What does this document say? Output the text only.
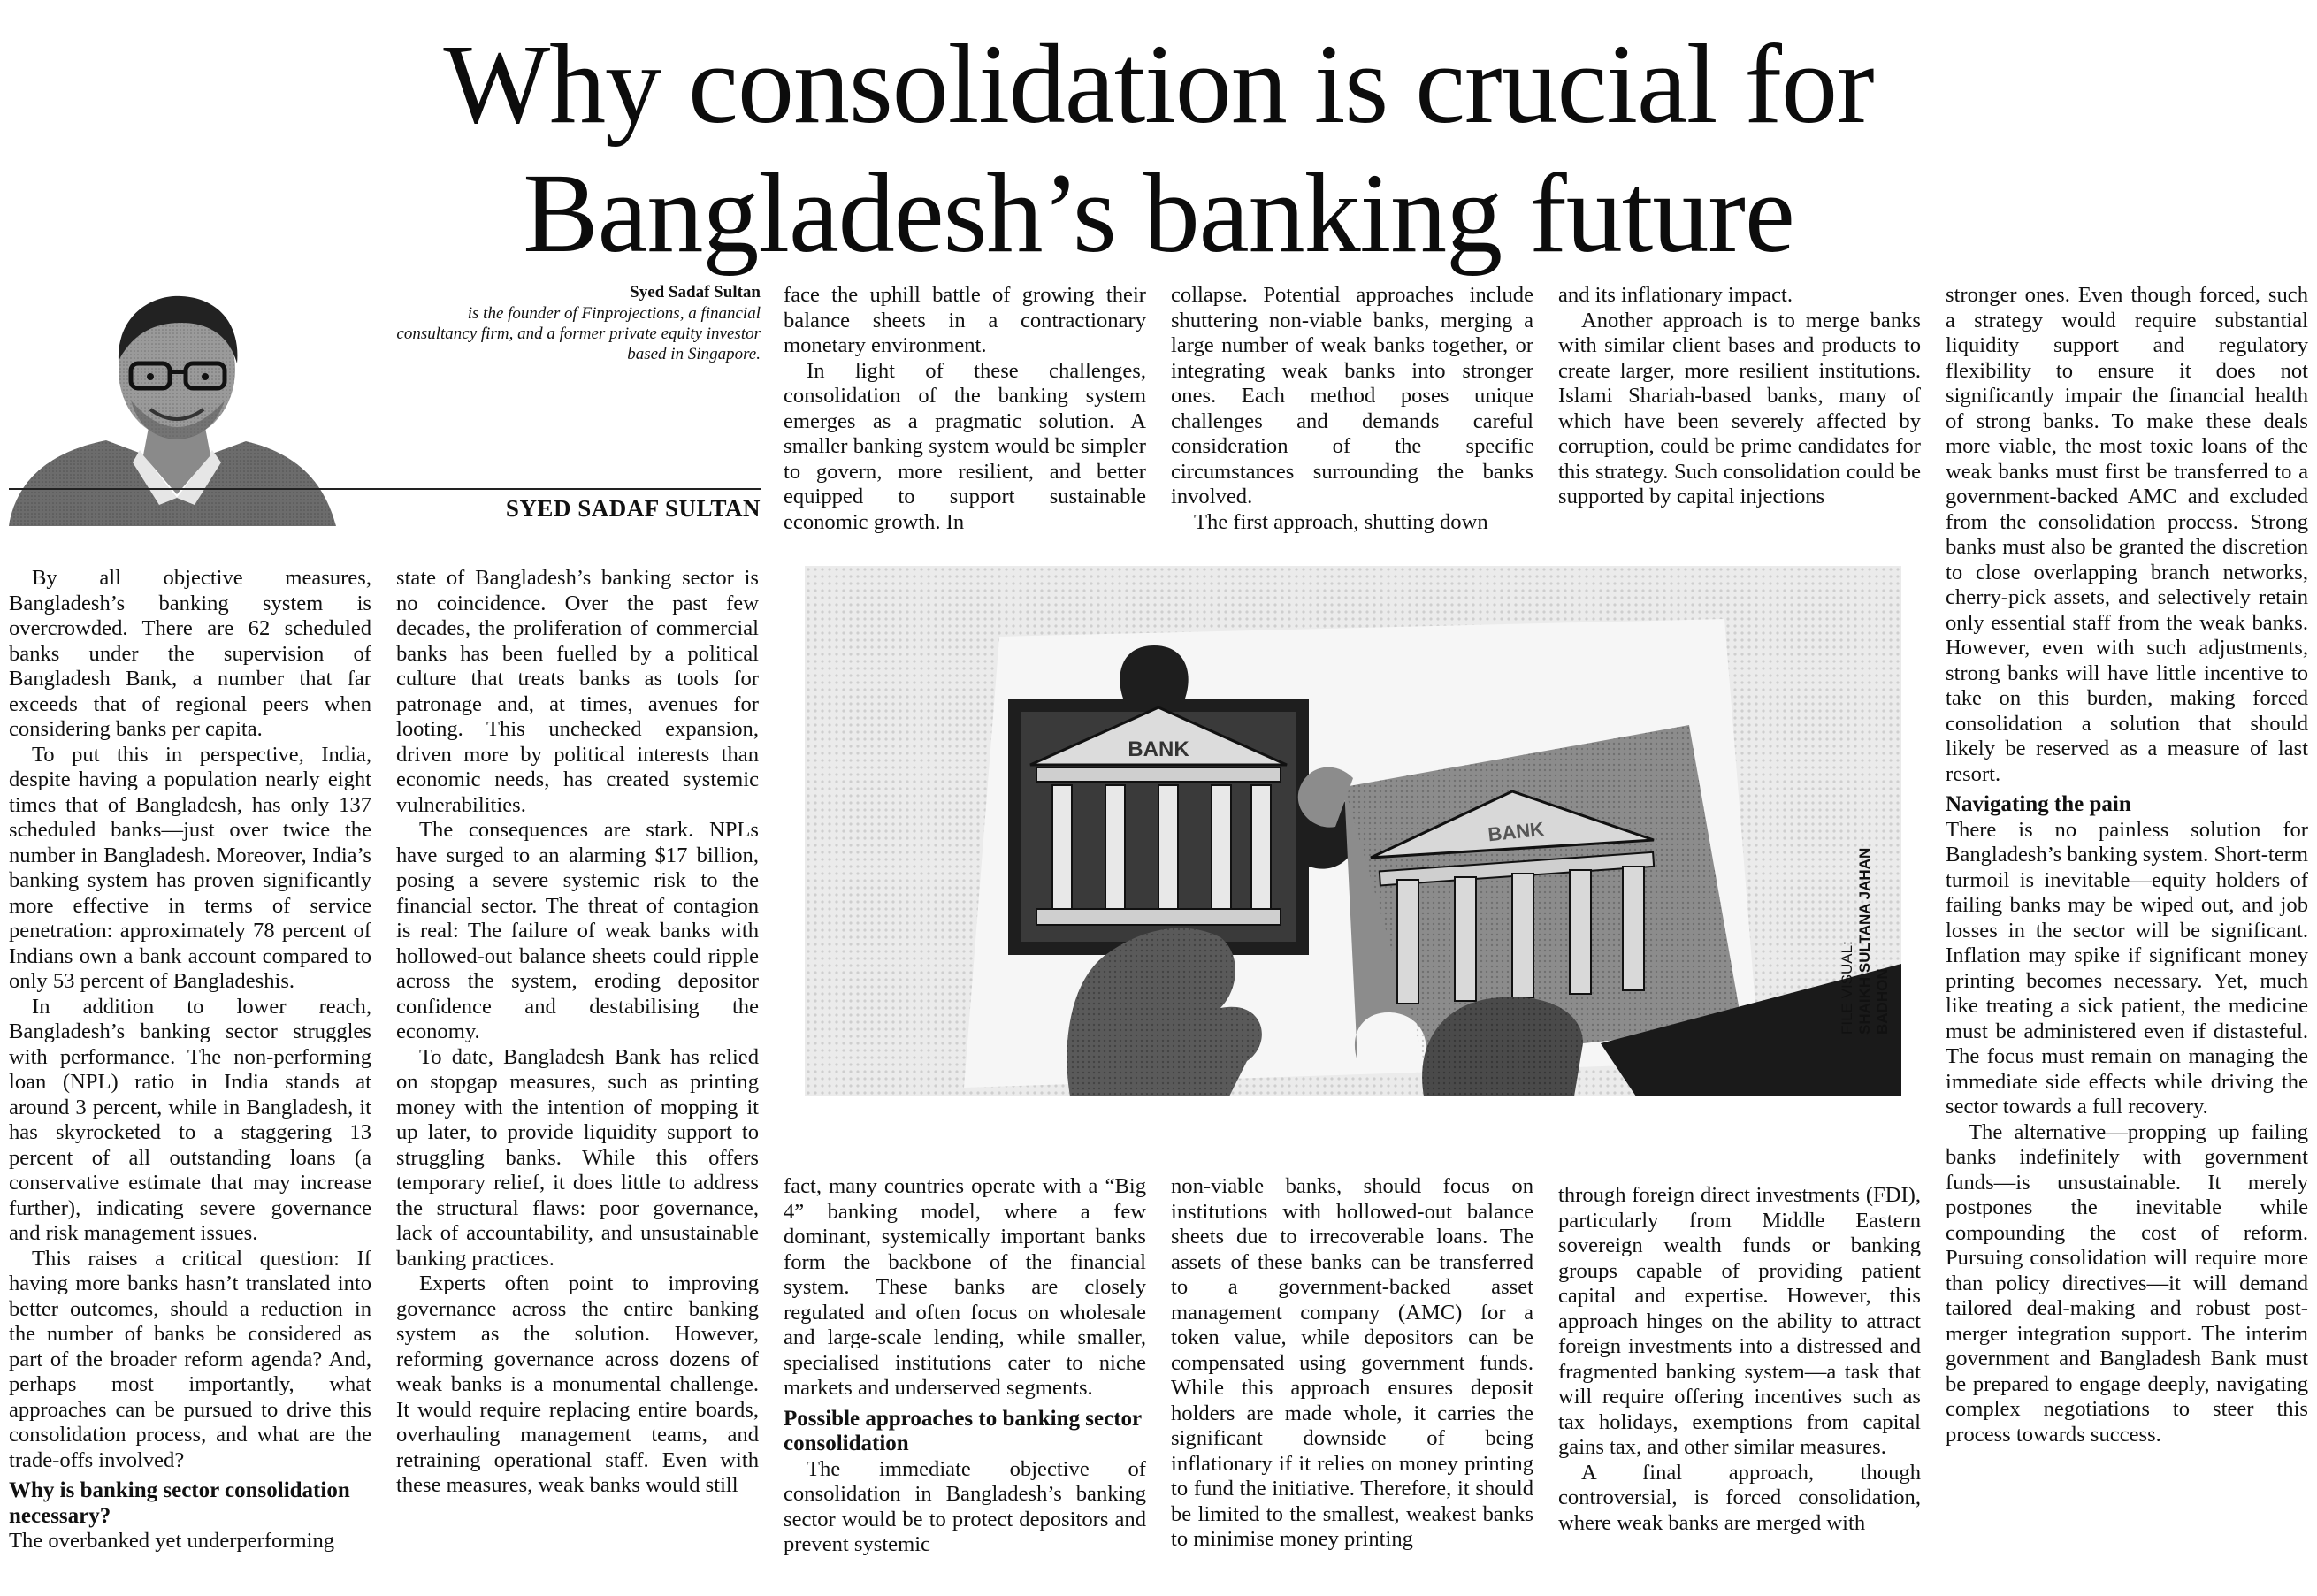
Why consolidation is crucial for
Bangladesh’s banking future
Syed Sadaf Sultan
is the founder of Finprojections, a financial consultancy firm, and a former private equity investor based in Singapore.
SYED SADAF SULTAN

By all objective measures, Bangladesh’s banking system is overcrowded. There are 62 scheduled banks under the supervision of Bangladesh Bank, a number that far exceeds that of regional peers when considering banks per capita.

To put this in perspective, India, despite having a population nearly eight times that of Bangladesh, has only 137 scheduled banks—just over twice the number in Bangladesh. Moreover, India’s banking system has proven significantly more effective in terms of service penetration: approximately 78 percent of Indians own a bank account compared to only 53 percent of Bangladeshis.

In addition to lower reach, Bangladesh’s banking sector struggles with performance. The non-performing loan (NPL) ratio in India stands at around 3 percent, while in Bangladesh, it has skyrocketed to a staggering 13 percent of all outstanding loans (a conservative estimate that may increase further), indicating severe governance and risk management issues.

This raises a critical question: If having more banks hasn’t translated into better outcomes, should a reduction in the number of banks be considered as part of the broader reform agenda? And, perhaps most importantly, what approaches can be pursued to drive this consolidation process, and what are the trade-offs involved?

Why is banking sector consolidation necessary?

The overbanked yet underperforming

state of Bangladesh’s banking sector is no coincidence. Over the past few decades, the proliferation of commercial banks has been fuelled by a political culture that treats banks as tools for patronage and, at times, avenues for looting. This unchecked expansion, driven more by political interests than economic needs, has created systemic vulnerabilities.

The consequences are stark. NPLs have surged to an alarming $17 billion, posing a severe systemic risk to the financial sector. The threat of contagion is real: The failure of weak banks with hollowed-out balance sheets could ripple across the system, eroding depositor confidence and destabilising the economy.

To date, Bangladesh Bank has relied on stopgap measures, such as printing money with the intention of mopping it up later, to provide liquidity support to struggling banks. While this offers temporary relief, it does little to address the structural flaws: poor governance, lack of accountability, and unsustainable banking practices.

Experts often point to improving governance across the entire banking system as the solution. However, reforming governance across dozens of weak banks is a monumental challenge. It would require replacing entire boards, overhauling management teams, and retraining operational staff. Even with these measures, weak banks would still

face the uphill battle of growing their balance sheets in a contractionary monetary environment.

In light of these challenges, consolidation of the banking system emerges as a pragmatic solution. A smaller banking system would be simpler to govern, more resilient, and better equipped to support sustainable economic growth. In

collapse. Potential approaches include shuttering non-viable banks, merging a large number of weak banks together, or integrating weak banks into stronger ones. Each method poses unique challenges and demands careful consideration of the specific circumstances surrounding the banks involved.

The first approach, shutting down

and its inflationary impact.

Another approach is to merge banks with similar client bases and products to create larger, more resilient institutions. Islami Shariah-based banks, many of which have been severely affected by corruption, could be prime candidates for this strategy. Such consolidation could be supported by capital injections

BANK
BANK
FILE VISUAL: SHAIKH SULTANA JAHAN BADHON

fact, many countries operate with a “Big 4” banking model, where a few dominant, systemically important banks form the backbone of the financial system. These banks are closely regulated and often focus on wholesale and large-scale lending, while smaller, specialised institutions cater to niche markets and underserved segments.

Possible approaches to banking sector consolidation

The immediate objective of consolidation in Bangladesh’s banking sector would be to protect depositors and prevent systemic

non-viable banks, should focus on institutions with hollowed-out balance sheets due to irrecoverable loans. The assets of these banks can be transferred to a government-backed asset management company (AMC) for a token value, while depositors can be compensated using government funds. While this approach ensures deposit holders are made whole, it carries the significant downside of being inflationary if it relies on money printing to fund the initiative. Therefore, it should be limited to the smallest, weakest banks to minimise money printing

through foreign direct investments (FDI), particularly from Middle Eastern sovereign wealth funds or banking groups capable of providing patient capital and expertise. However, this approach hinges on the ability to attract foreign investments into a distressed and fragmented banking system—a task that will require offering incentives such as tax holidays, exemptions from capital gains tax, and other similar measures.

A final approach, though controversial, is forced consolidation, where weak banks are merged with

stronger ones. Even though forced, such a strategy would require substantial liquidity support and regulatory flexibility to ensure it does not significantly impair the financial health of strong banks. To make these deals more viable, the most toxic loans of the weak banks must first be transferred to a government-backed AMC and excluded from the consolidation process. Strong banks must also be granted the discretion to close overlapping branch networks, cherry-pick assets, and selectively retain only essential staff from the weak banks. However, even with such adjustments, strong banks will have little incentive to take on this burden, making forced consolidation a solution that should likely be reserved as a measure of last resort.

Navigating the pain

There is no painless solution for Bangladesh’s banking system. Short-term turmoil is inevitable—equity holders of failing banks may be wiped out, and job losses in the sector will be significant. Inflation may spike if significant money printing becomes necessary. Yet, much like treating a sick patient, the medicine must be administered even if distasteful. The focus must remain on managing the immediate side effects while driving the sector towards a full recovery.

The alternative—propping up failing banks indefinitely with government funds—is unsustainable. It merely postpones the inevitable while compounding the cost of reform. Pursuing consolidation will require more than policy directives—it will demand tailored deal-making and robust post-merger integration support. The interim government and Bangladesh Bank must be prepared to engage deeply, navigating complex negotiations to steer this process towards success.
